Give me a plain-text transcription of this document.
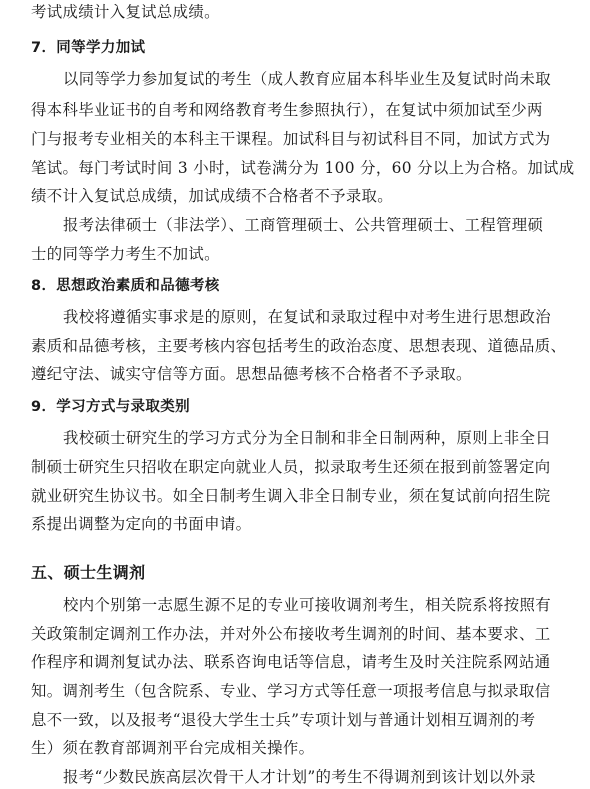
考试成绩计入复试总成绩。
7．同等学力加试
以同等学力参加复试的考生（成人教育应届本科毕业生及复试时尚未取
得本科毕业证书的自考和网络教育考生参照执行），在复试中须加试至少两
门与报考专业相关的本科主干课程。加试科目与初试科目不同，加试方式为
笔试。每门考试时间 3 小时，试卷满分为 100 分，60 分以上为合格。加试成
绩不计入复试总成绩，加试成绩不合格者不予录取。
报考法律硕士（非法学）、工商管理硕士、公共管理硕士、工程管理硕
士的同等学力考生不加试。
8．思想政治素质和品德考核
我校将遵循实事求是的原则，在复试和录取过程中对考生进行思想政治
素质和品德考核，主要考核内容包括考生的政治态度、思想表现、道德品质、
遵纪守法、诚实守信等方面。思想品德考核不合格者不予录取。
9．学习方式与录取类别
我校硕士研究生的学习方式分为全日制和非全日制两种，原则上非全日
制硕士研究生只招收在职定向就业人员，拟录取考生还须在报到前签署定向
就业研究生协议书。如全日制考生调入非全日制专业，须在复试前向招生院
系提出调整为定向的书面申请。
五、硕士生调剂
校内个别第一志愿生源不足的专业可接收调剂考生，相关院系将按照有
关政策制定调剂工作办法，并对外公布接收考生调剂的时间、基本要求、工
作程序和调剂复试办法、联系咨询电话等信息，请考生及时关注院系网站通
知。调剂考生（包含院系、专业、学习方式等任意一项报考信息与拟录取信
息不一致，以及报考“退役大学生士兵”专项计划与普通计划相互调剂的考
生）须在教育部调剂平台完成相关操作。
报考“少数民族高层次骨干人才计划”的考生不得调剂到该计划以外录
